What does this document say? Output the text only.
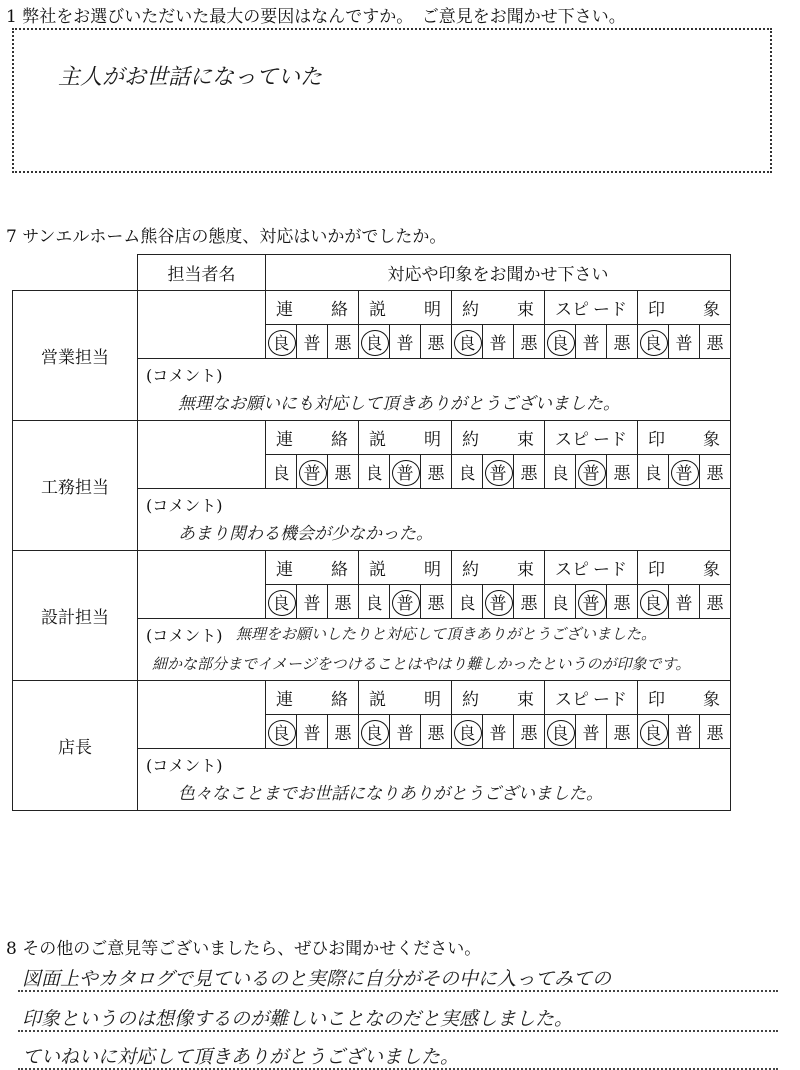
1 弊社をお選びいただいた最大の要因はなんですか。　ご意見をお聞かせ下さい。
主人がお世話になっていた
7 サンエルホーム熊谷店の態度、対応はいかがでしたか。
	担当者名	対応や印象をお聞かせ下さい															
営業担当		連 絡			説 明			約 束			スピ ード			印 象			

		良	普	悪	良	普	悪	良	普	悪	良	普	悪	良	普	悪	

	(コメント)
無理なお願いにも対応して頂きありがとうございました。																

工務担当		連 絡			説 明			約 束			スピ ード			印 象			

		良	普	悪	良	普	悪	良	普	悪	良	普	悪	良	普	悪	

	(コメント)
あまり関わる機会が少なかった。																

設計担当		連 絡			説 明			約 束			スピ ード			印 象			

		良	普	悪	良	普	悪	良	普	悪	良	普	悪	良	普	悪	

	(コメント) 無理をお願いしたりと対応して頂きありがとうございました。
細かな部分までイメージをつけることはやはり難しかったというのが印象です。																

店長		連 絡			説 明			約 束			スピ ード			印 象			

		良	普	悪	良	普	悪	良	普	悪	良	普	悪	良	普	悪	

	(コメント)
色々なことまでお世話になりありがとうございました。																
8 その他のご意見等ございましたら、ぜひお聞かせください。
図面上やカタログで見ているのと実際に自分がその中に入ってみての
印象というのは想像するのが難しいことなのだと実感しました。
ていねいに対応して頂きありがとうございました。
